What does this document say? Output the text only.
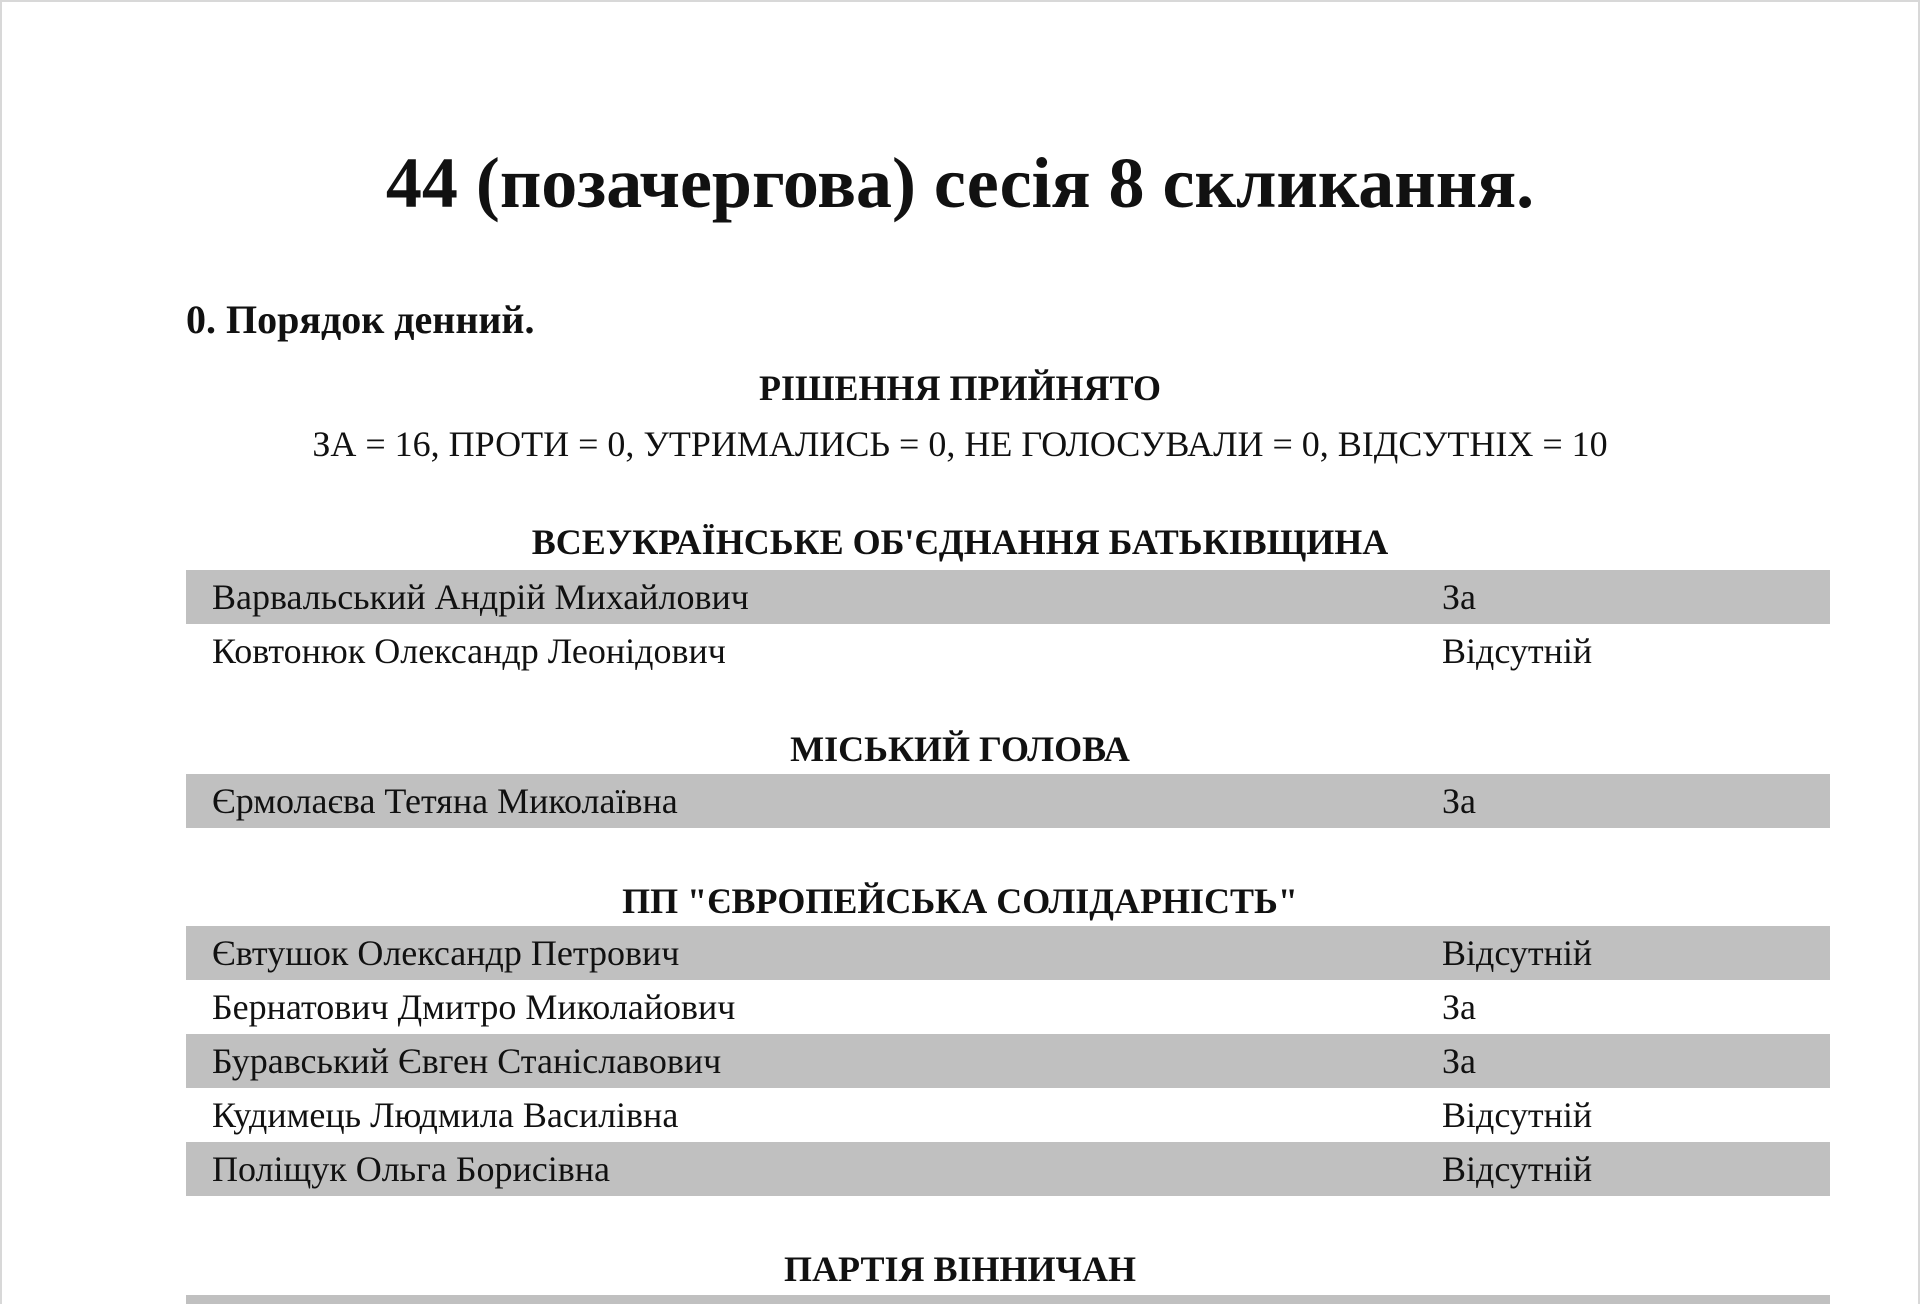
44 (позачергова) сесія 8 скликання.
0. Порядок денний.
РІШЕННЯ ПРИЙНЯТО
ЗА = 16, ПРОТИ = 0, УТРИМАЛИСЬ = 0, НЕ ГОЛОСУВАЛИ = 0, ВІДСУТНІХ = 10
ВСЕУКРАЇНСЬКЕ ОБ'ЄДНАННЯ БАТЬКІВЩИНА
Варвальський Андрій Михайлович	За
Ковтонюк Олександр Леонідович	Відсутній
МІСЬКИЙ ГОЛОВА
Єрмолаєва Тетяна Миколаївна	За
ПП "ЄВРОПЕЙСЬКА СОЛІДАРНІСТЬ"
Євтушок Олександр Петрович	Відсутній
Бернатович Дмитро Миколайович	За
Буравський Євген Станіславович	За
Кудимець Людмила Василівна	Відсутній
Поліщук Ольга Борисівна	Відсутній
ПАРТІЯ ВІННИЧАН
